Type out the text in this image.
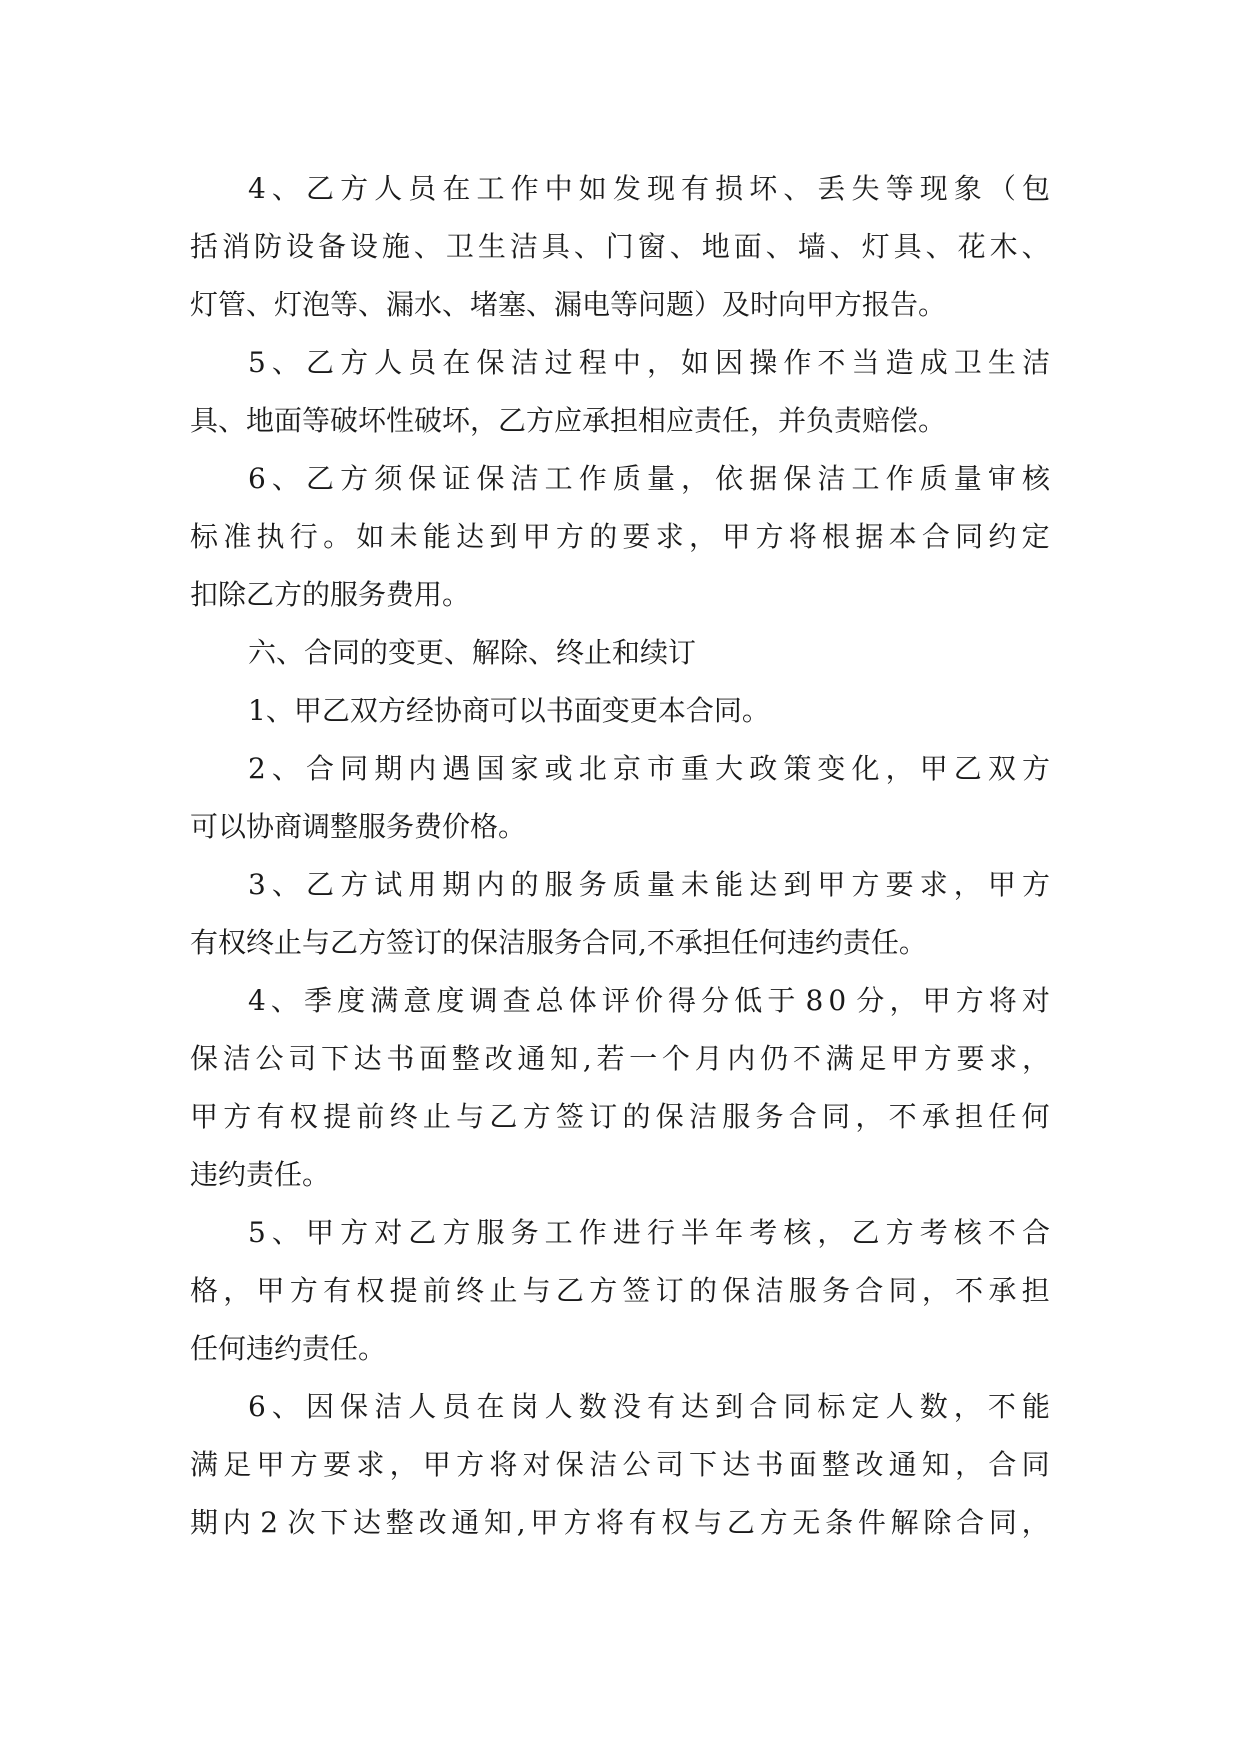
4 、 乙 方 人 员 在 工 作 中 如 发 现 有 损 坏 、 丢 失 等 现 象 （ 包
括 消 防 设 备 设 施 、 卫 生 洁 具 、 门 窗 、 地 面 、 墙 、 灯 具 、 花 木 、
灯管、灯泡等、漏水、堵塞、漏电等问题）及时向甲方报告。
5 、 乙 方 人 员 在 保 洁 过 程 中 ， 如 因 操 作 不 当 造 成 卫 生 洁
具、地面等破坏性破坏，乙方应承担相应责任，并负责赔偿。
6 、 乙 方 须 保 证 保 洁 工 作 质 量 ， 依 据 保 洁 工 作 质 量 审 核
标 准 执 行 。 如 未 能 达 到 甲 方 的 要 求 ， 甲 方 将 根 据 本 合 同 约 定
扣除乙方的服务费用。
六、合同的变更、解除、终止和续订
1、甲乙双方经协商可以书面变更本合同。
2 、 合 同 期 内 遇 国 家 或 北 京 市 重 大 政 策 变 化 ， 甲 乙 双 方
可以协商调整服务费价格。
3 、 乙 方 试 用 期 内 的 服 务 质 量 未 能 达 到 甲 方 要 求 ， 甲 方
有权终止与乙方签订的保洁服务合同,不承担任何违约责任。
4 、 季 度 满 意 度 调 查 总 体 评 价 得 分 低 于 8 0 分 ， 甲 方 将 对
保 洁 公 司 下 达 书 面 整 改 通 知 , 若 一 个 月 内 仍 不 满 足 甲 方 要 求 ，
甲 方 有 权 提 前 终 止 与 乙 方 签 订 的 保 洁 服 务 合 同 ， 不 承 担 任 何
违约责任。
5 、 甲 方 对 乙 方 服 务 工 作 进 行 半 年 考 核 ， 乙 方 考 核 不 合
格 ， 甲 方 有 权 提 前 终 止 与 乙 方 签 订 的 保 洁 服 务 合 同 ， 不 承 担
任何违约责任。
6 、 因 保 洁 人 员 在 岗 人 数 没 有 达 到 合 同 标 定 人 数 ， 不 能
满 足 甲 方 要 求 ， 甲 方 将 对 保 洁 公 司 下 达 书 面 整 改 通 知 ， 合 同
期 内 2 次 下 达 整 改 通 知 , 甲 方 将 有 权 与 乙 方 无 条 件 解 除 合 同 ，
